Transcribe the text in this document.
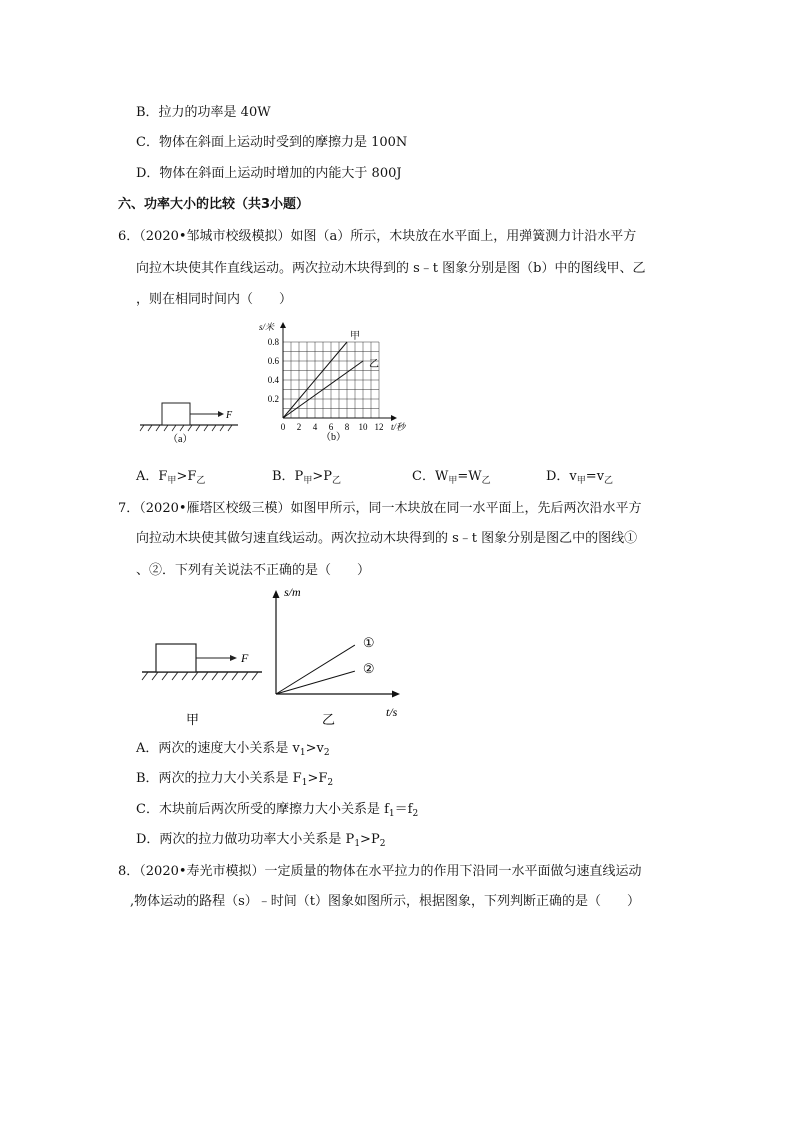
B．拉力的功率是 40W
C．物体在斜面上运动时受到的摩擦力是 100N
D．物体在斜面上运动时增加的内能大于 800J
六、功率大小的比较（共3小题）
6．（2020•邹城市校级模拟）如图（a）所示，木块放在水平面上，用弹簧测力计沿水平方
向拉木块使其作直线运动。两次拉动木块得到的 s﹣t 图象分别是图（b）中的图线甲、乙
，则在相同时间内（　　）
F
（a）
0 2 4 6 8 10 12
0.2
0.4
0.6
0.8
s/米
t/秒
甲
乙
（b）
A．$F_甲>F_乙$	B．$P_甲>P_乙$	C．$W_甲=W_乙$	D．$v_甲=v_乙$
7．（2020•雁塔区校级三模）如图甲所示，同一木块放在同一水平面上，先后两次沿水平方
向拉动木块使其做匀速直线运动。两次拉动木块得到的 s﹣t 图象分别是图乙中的图线①
、②．下列有关说法不正确的是（　　）
F
甲
s/m
t/s
①
②
乙
A．两次的速度大小关系是 $v_1>v_2$
B．两次的拉力大小关系是 $F_1>F_2$
C．木块前后两次所受的摩擦力大小关系是 $f_1=f_2$
D．两次的拉力做功功率大小关系是 $P_1>P_2$
8．（2020•寿光市模拟）一定质量的物体在水平拉力的作用下沿同一水平面做匀速直线运动
,物体运动的路程（s）﹣时间（t）图象如图所示，根据图象，下列判断正确的是（　　）
